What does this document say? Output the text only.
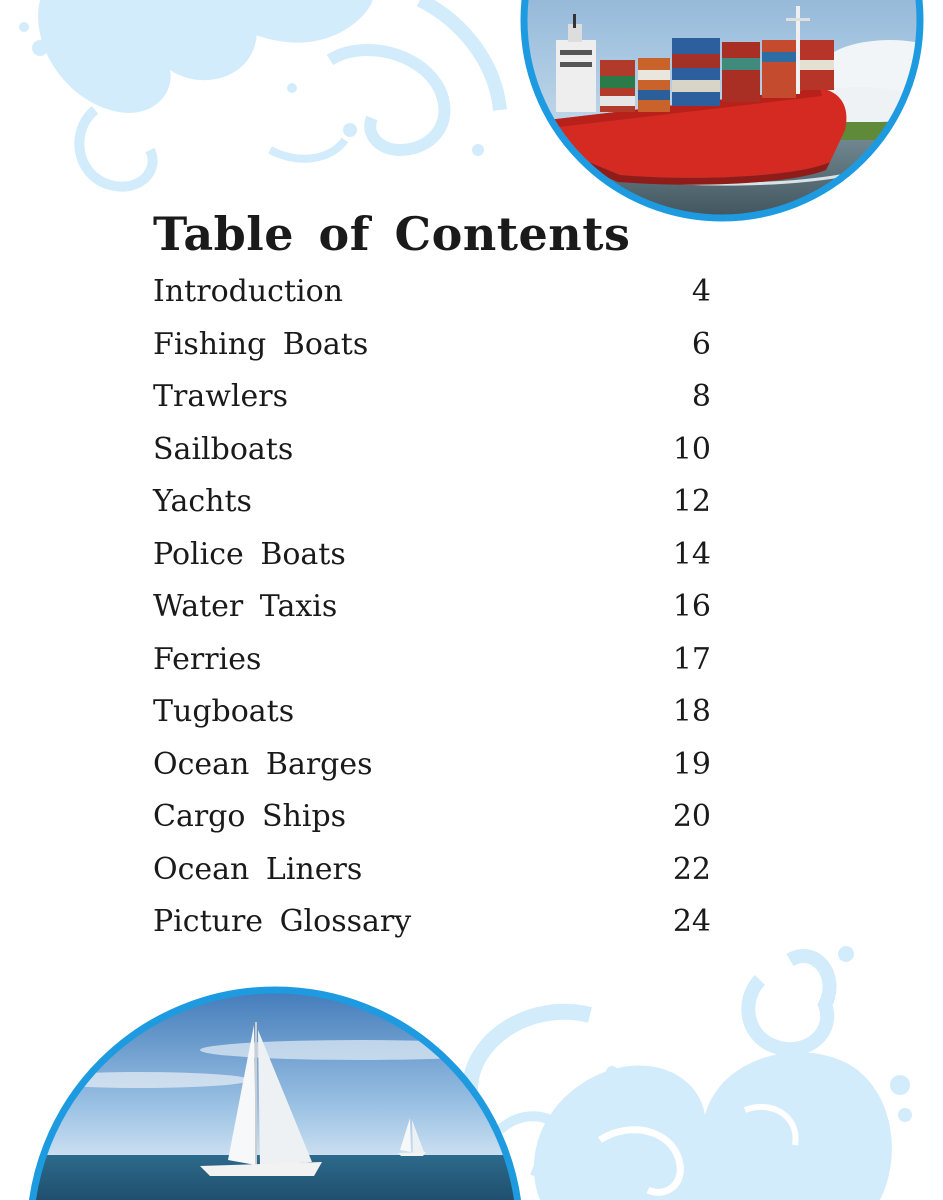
Table of Contents
Introduction	4
Fishing Boats	6
Trawlers	8
Sailboats	10
Yachts	12
Police Boats	14
Water Taxis	16
Ferries	17
Tugboats	18
Ocean Barges	19
Cargo Ships	20
Ocean Liners	22
Picture Glossary	24
